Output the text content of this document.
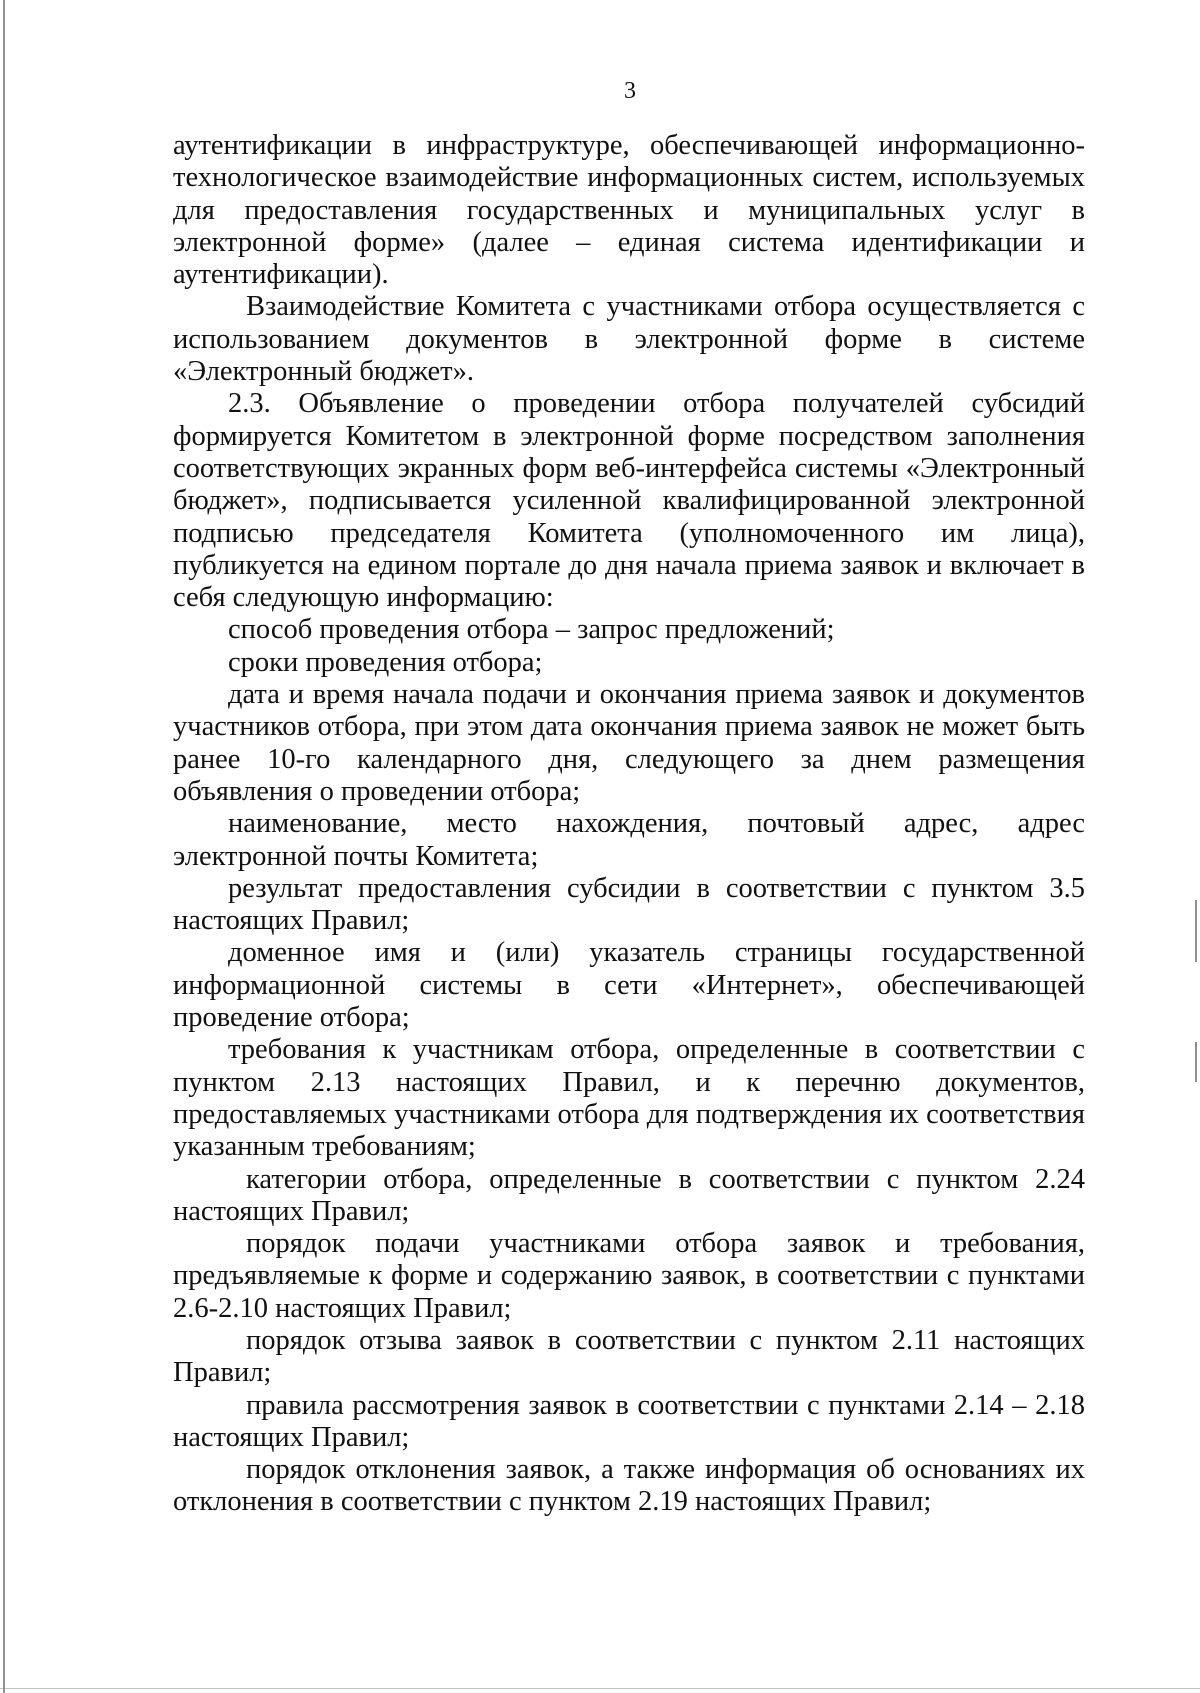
3

аутентификации в инфраструктуре, обеспечивающей информационно-технологическое взаимодействие информационных систем, используемых для предоставления государственных и муниципальных услуг в электронной форме» (далее – единая система идентификации и аутентификации).

Взаимодействие Комитета с участниками отбора осуществляется с использованием документов в электронной форме в системе «Электронный бюджет».

2.3. Объявление о проведении отбора получателей субсидий формируется Комитетом в электронной форме посредством заполнения соответствующих экранных форм веб-интерфейса системы «Электронный бюджет», подписывается усиленной квалифицированной электронной подписью председателя Комитета (уполномоченного им лица), публикуется на едином портале до дня начала приема заявок и включает в себя следующую информацию:

способ проведения отбора – запрос предложений;

сроки проведения отбора;

дата и время начала подачи и окончания приема заявок и документов участников отбора, при этом дата окончания приема заявок не может быть ранее 10-го календарного дня, следующего за днем размещения объявления о проведении отбора;

наименование, место нахождения, почтовый адрес, адрес электронной почты Комитета;

результат предоставления субсидии в соответствии с пунктом 3.5 настоящих Правил;

доменное имя и (или) указатель страницы государственной информационной системы в сети «Интернет», обеспечивающей проведение отбора;

требования к участникам отбора, определенные в соответствии с пунктом 2.13 настоящих Правил, и к перечню документов, предоставляемых участниками отбора для подтверждения их соответствия указанным требованиям;

категории отбора, определенные в соответствии с пунктом 2.24 настоящих Правил;

порядок подачи участниками отбора заявок и требования, предъявляемые к форме и содержанию заявок, в соответствии с пунктами 2.6-2.10 настоящих Правил;

порядок отзыва заявок в соответствии с пунктом 2.11 настоящих Правил;

правила рассмотрения заявок в соответствии с пунктами 2.14 – 2.18 настоящих Правил;

порядок отклонения заявок, а также информация об основаниях их отклонения в соответствии с пунктом 2.19 настоящих Правил;
